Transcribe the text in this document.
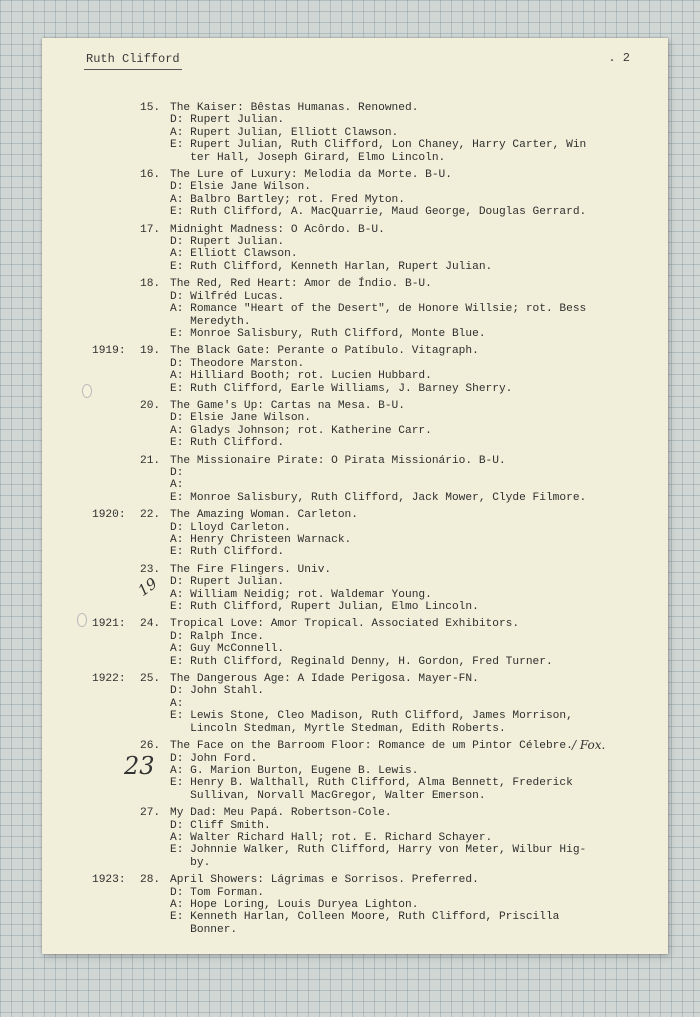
Ruth Clifford	. 2
15. The Kaiser: Bêstas Humanas. Renowned.
D: Rupert Julian.
A: Rupert Julian, Elliott Clawson.
E: Rupert Julian, Ruth Clifford, Lon Chaney, Harry Carter, Win
ter Hall, Joseph Girard, Elmo Lincoln.
16. The Lure of Luxury: Melodia da Morte. B-U.
D: Elsie Jane Wilson.
A: Balbro Bartley; rot. Fred Myton.
E: Ruth Clifford, A. MacQuarrie, Maud George, Douglas Gerrard.
17. Midnight Madness: O Acôrdo. B-U.
D: Rupert Julian.
A: Elliott Clawson.
E: Ruth Clifford, Kenneth Harlan, Rupert Julian.
18. The Red, Red Heart: Amor de Índio. B-U.
D: Wilfréd Lucas.
A: Romance "Heart of the Desert", de Honore Willsie; rot. Bess
Meredyth.
E: Monroe Salisbury, Ruth Clifford, Monte Blue.
1919:	19. The Black Gate: Perante o Patíbulo. Vitagraph.
D: Theodore Marston.
A: Hilliard Booth; rot. Lucien Hubbard.
E: Ruth Clifford, Earle Williams, J. Barney Sherry.
20. The Game's Up: Cartas na Mesa. B-U.
D: Elsie Jane Wilson.
A: Gladys Johnson; rot. Katherine Carr.
E: Ruth Clifford.
21. The Missionaire Pirate: O Pirata Missionário. B-U.
D:
A:
E: Monroe Salisbury, Ruth Clifford, Jack Mower, Clyde Filmore.
1920:	22. The Amazing Woman. Carleton.
D: Lloyd Carleton.
A: Henry Christeen Warnack.
E: Ruth Clifford.
23. The Fire Flingers. Univ.
D: Rupert Julian.
A: William Neidig; rot. Waldemar Young.
E: Ruth Clifford, Rupert Julian, Elmo Lincoln.
1921:	24. Tropical Love: Amor Tropical. Associated Exhibitors.
D: Ralph Ince.
A: Guy McConnell.
E: Ruth Clifford, Reginald Denny, H. Gordon, Fred Turner.
1922:	25. The Dangerous Age: A Idade Perigosa. Mayer-FN.
D: John Stahl.
A:
E: Lewis Stone, Cleo Madison, Ruth Clifford, James Morrison,
Lincoln Stedman, Myrtle Stedman, Edith Roberts.
26. The Face on the Barroom Floor: Romance de um Pintor Célebre.
D: John Ford.
A: G. Marion Burton, Eugene B. Lewis.
E: Henry B. Walthall, Ruth Clifford, Alma Bennett, Frederick
Sullivan, Norvall MacGregor, Walter Emerson.
27. My Dad: Meu Papá. Robertson-Cole.
D: Cliff Smith.
A: Walter Richard Hall; rot. E. Richard Schayer.
E: Johnnie Walker, Ruth Clifford, Harry von Meter, Wilbur Hig-
by.
1923:	28. April Showers: Lágrimas e Sorrisos. Preferred.
D: Tom Forman.
A: Hope Loring, Louis Duryea Lighton.
E: Kenneth Harlan, Colleen Moore, Ruth Clifford, Priscilla
Bonner.
19
23
/ Fox.
